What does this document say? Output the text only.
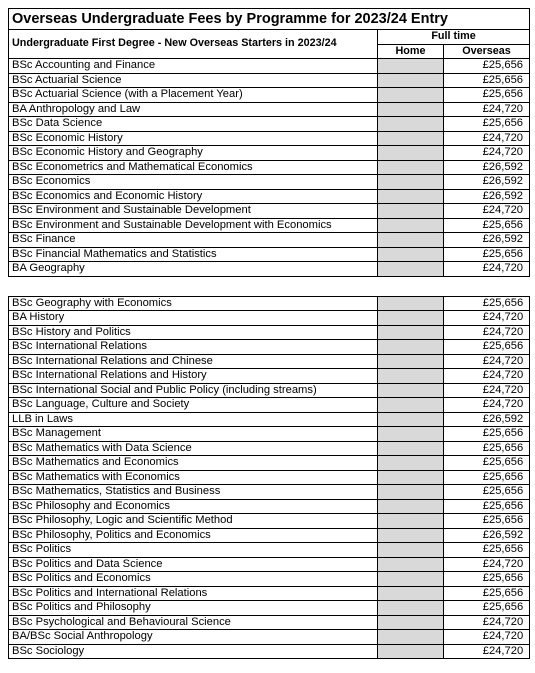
Overseas Undergraduate Fees by Programme for 2023/24 Entry		
Undergraduate First Degree - New Overseas Starters in 2023/24	Full time	
	Home	Overseas
BSc Accounting and Finance		£25,656
BSc Actuarial Science		£25,656
BSc Actuarial Science (with a Placement Year)		£25,656
BA Anthropology and Law		£24,720
BSc Data Science		£25,656
BSc Economic History		£24,720
BSc Economic History and Geography		£24,720
BSc Econometrics and Mathematical Economics		£26,592
BSc Economics		£26,592
BSc Economics and Economic History		£26,592
BSc Environment and Sustainable Development		£24,720
BSc Environment and Sustainable Development with Economics		£25,656
BSc Finance		£26,592
BSc Financial Mathematics and Statistics		£25,656
BA Geography		£24,720
BSc Geography with Economics		£25,656
BA History		£24,720
BSc History and Politics		£24,720
BSc International Relations		£25,656
BSc International Relations and Chinese		£24,720
BSc International Relations and History		£24,720
BSc International Social and Public Policy (including streams)		£24,720
BSc Language, Culture and Society		£24,720
LLB in Laws		£26,592
BSc Management		£25,656
BSc Mathematics with Data Science		£25,656
BSc Mathematics and Economics		£25,656
BSc Mathematics with Economics		£25,656
BSc Mathematics, Statistics and Business		£25,656
BSc Philosophy and Economics		£25,656
BSc Philosophy, Logic and Scientific Method		£25,656
BSc Philosophy, Politics and Economics		£26,592
BSc Politics		£25,656
BSc Politics and Data Science		£24,720
BSc Politics and Economics		£25,656
BSc Politics and International Relations		£25,656
BSc Politics and Philosophy		£25,656
BSc Psychological and Behavioural Science		£24,720
BA/BSc Social Anthropology		£24,720
BSc Sociology		£24,720
